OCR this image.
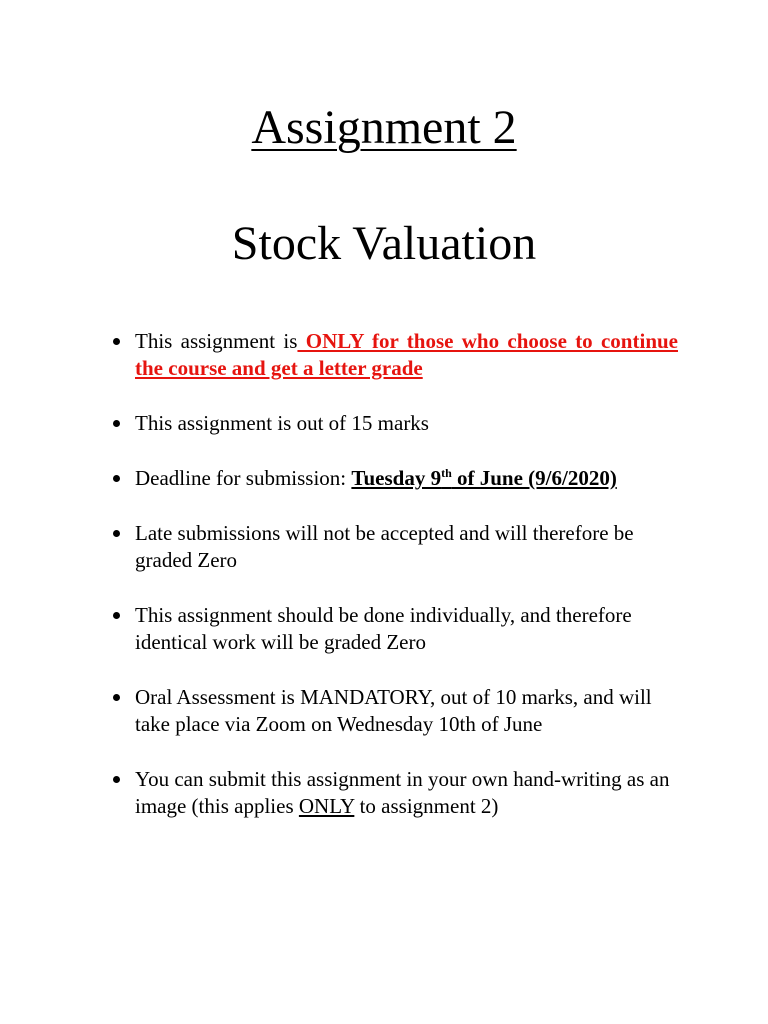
Assignment 2
Stock Valuation
This assignment is ONLY for those who choose to continue the course and get a letter grade
This assignment is out of 15 marks
Deadline for submission: Tuesday 9th of June (9/6/2020)
Late submissions will not be accepted and will therefore be graded Zero
This assignment should be done individually, and therefore identical work will be graded Zero
Oral Assessment is MANDATORY, out of 10 marks, and will take place via Zoom on Wednesday 10th of June
You can submit this assignment in your own hand-writing as an image (this applies ONLY to assignment 2)
